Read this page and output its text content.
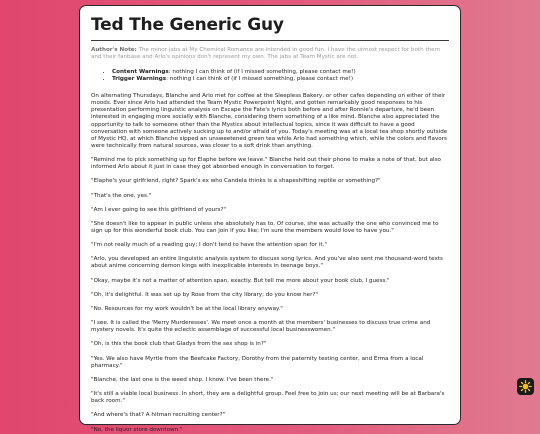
Ted The Generic Guy

Author's Note: The minor jabs at My Chemical Romance are intended in good fun. I have the utmost respect for both them and their fanbase and Arlo's opinions don't represent my own. The jabs at Team Mystic are not.

• Content Warnings: nothing I can think of (if I missed something, please contact me!)
• Trigger Warnings: nothing I can think of (if I missed something, please contact me!)

On alternating Thursdays, Blanche and Arlo met for coffee at the Sleepless Bakery, or other cafes depending on either of their moods. Ever since Arlo had attended the Team Mystic Powerpoint Night, and gotten remarkably good responses to his presentation performing linguistic analysis on Escape the Fate's lyrics both before and after Ronnie's departure, he'd been interested in engaging more socially with Blanche, considering them something of a like mind. Blanche also appreciated the opportunity to talk to someone other than the Mystics about intellectual topics, since it was difficult to have a good conversation with someone actively sucking up to and/or afraid of you. Today's meeting was at a local tea shop shortly outside of Mystic HQ, at which Blanche sipped an unsweetened green tea while Arlo had something which, while the colors and flavors were technically from natural sources, was closer to a soft drink than anything.

"Remind me to pick something up for Elaphe before we leave." Blanche held out their phone to make a note of that, but also informed Arlo about it just in case they got absorbed enough in conversation to forget.

"Elaphe's your girlfriend, right? Spark's ex who Candela thinks is a shapeshifting reptile or something?"

"That's the one, yes."

"Am I ever going to see this girlfriend of yours?"

"She doesn't like to appear in public unless she absolutely has to. Of course, she was actually the one who convinced me to sign up for this wonderful book club. You can join if you like; I'm sure the members would love to have you."

"I'm not really much of a reading guy; I don't tend to have the attention span for it."

"Arlo, you developed an entire linguistic analysis system to discuss song lyrics. And you've also sent me thousand-word texts about anime concerning demon kings with inexplicable interests in teenage boys."

"Okay, maybe it's not a matter of attention span, exactly. But tell me more about your book club, I guess."

"Oh, it's delightful. It was set up by Rose from the city library; do you know her?"

"No. Resources for my work wouldn't be at the local library anyway."

"I see. It is called the 'Merry Murderesses'. We meet once a month at the members' businesses to discuss true crime and mystery novels. It's quite the eclectic assemblage of successful local businesswomen."

"Oh, is this the book club that Gladys from the sex shop is in?"

"Yes. We also have Myrtle from the Beefcake Factory, Dorothy from the paternity testing center, and Erma from a local pharmacy."

"Blanche, the last one is the weed shop. I know. I've been there."

"It's still a viable local business. In short, they are a delightful group. Feel free to join us; our next meeting will be at Barbara's back room."

"And where's that? A hitman recruiting center?"

"No, the liquor store downtown."
